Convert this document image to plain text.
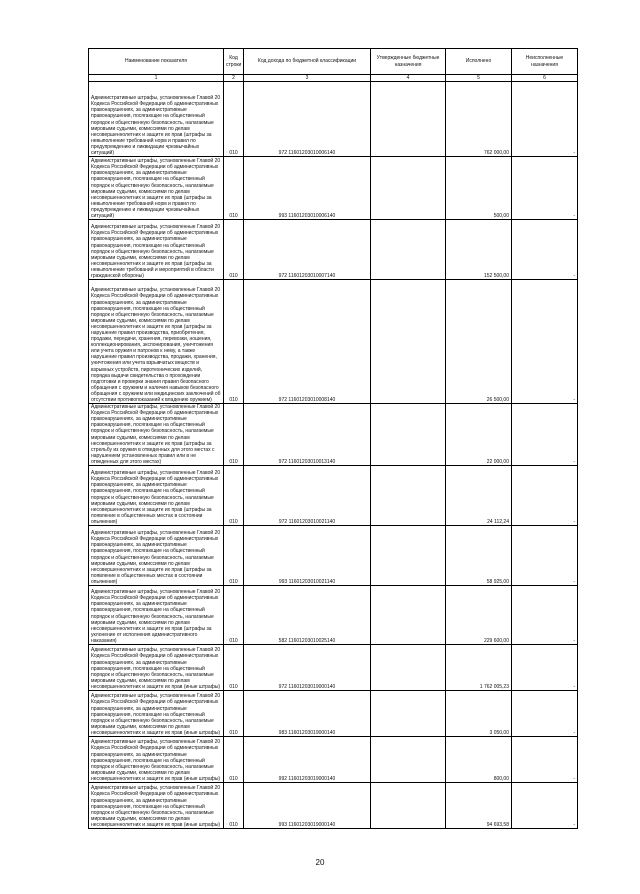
Наименование показателя	Код строки	Код дохода по бюджетной классификации	Утвержденные бюджетные назначения	Исполнено	Неисполненные назначения
1	2	3	4	5	6
Административные штрафы, установленные Главой 20 Кодекса Российской Федерации об административных правонарушениях, за административные правонарушения, посягающие на общественный порядок и общественную безопасность, налагаемые мировыми судьями, комиссиями по делам несовершеннолетних и защите их прав (штрафы за невыполнение требований норм и правил по предупреждению и ликвидации чрезвычайных ситуаций)	010	972 11601203010006140		762 000,00	-
Административные штрафы, установленные Главой 20 Кодекса Российской Федерации об административных правонарушениях, за административные правонарушения, посягающие на общественный порядок и общественную безопасность, налагаемые мировыми судьями, комиссиями по делам несовершеннолетних и защите их прав (штрафы за невыполнение требований норм и правил по предупреждению и ликвидации чрезвычайных ситуаций)	010	993 11601203010006140		500,00	-
Административные штрафы, установленные Главой 20 Кодекса Российской Федерации об административных правонарушениях, за административные правонарушения, посягающие на общественный порядок и общественную безопасность, налагаемые мировыми судьями, комиссиями по делам несовершеннолетних и защите их прав (штрафы за невыполнение требований и мероприятий в области гражданской обороны)	010	972 11601203010007140		152 500,00	-
Административные штрафы, установленные Главой 20 Кодекса Российской Федерации об административных правонарушениях, за административные правонарушения, посягающие на общественный порядок и общественную безопасность, налагаемые мировыми судьями, комиссиями по делам несовершеннолетних и защите их прав (штрафы за нарушение правил производства, приобретения, продажи, передачи, хранения, перевозки, ношения, коллекционирования, экспонирования, уничтожения или учета оружия и патронов к нему, а также нарушение правил производства, продажи, хранения, уничтожения или учета взрывчатых веществ и взрывных устройств, пиротехнических изделий, порядка выдачи свидетельства о прохождении подготовки и проверки знания правил безопасного обращения с оружием и наличия навыков безопасного обращения с оружием или медицинских заключений об отсутствии противопоказаний к владению оружием)	010	972 11601203010008140		26 500,00	-
Административные штрафы, установленные Главой 20 Кодекса Российской Федерации об административных правонарушениях, за административные правонарушения, посягающие на общественный порядок и общественную безопасность, налагаемые мировыми судьями, комиссиями по делам несовершеннолетних и защите их прав (штрафы за стрельбу из оружия в отведенных для этого местах с нарушением установленных правил или в не отведенных для этого местах)	010	972 11601203010013140		22 000,00	-
Административные штрафы, установленные Главой 20 Кодекса Российской Федерации об административных правонарушениях, за административные правонарушения, посягающие на общественный порядок и общественную безопасность, налагаемые мировыми судьями, комиссиями по делам несовершеннолетних и защите их прав (штрафы за появление в общественных местах в состоянии опьянения)	010	972 11601203010021140		24 112,24	-
Административные штрафы, установленные Главой 20 Кодекса Российской Федерации об административных правонарушениях, за административные правонарушения, посягающие на общественный порядок и общественную безопасность, налагаемые мировыми судьями, комиссиями по делам несовершеннолетних и защите их прав (штрафы за появление в общественных местах в состоянии опьянения)	010	993 11601203010021140		58 925,00	-
Административные штрафы, установленные Главой 20 Кодекса Российской Федерации об административных правонарушениях, за административные правонарушения, посягающие на общественный порядок и общественную безопасность, налагаемые мировыми судьями, комиссиями по делам несовершеннолетних и защите их прав (штрафы за уклонение от исполнения административного наказания)	010	582 11601203010025140		229 600,00	-
Административные штрафы, установленные Главой 20 Кодекса Российской Федерации об административных правонарушениях, за административные правонарушения, посягающие на общественный порядок и общественную безопасность, налагаемые мировыми судьями, комиссиями по делам несовершеннолетних и защите их прав (иные штрафы)	010	972 11601203019000140		1 762 005,23	-
Административные штрафы, установленные Главой 20 Кодекса Российской Федерации об административных правонарушениях, за административные правонарушения, посягающие на общественный порядок и общественную безопасность, налагаемые мировыми судьями, комиссиями по делам несовершеннолетних и защите их прав (иные штрафы)	010	983 11601203019000140		3 050,00	-
Административные штрафы, установленные Главой 20 Кодекса Российской Федерации об административных правонарушениях, за административные правонарушения, посягающие на общественный порядок и общественную безопасность, налагаемые мировыми судьями, комиссиями по делам несовершеннолетних и защите их прав (иные штрафы)	010	992 11601203019000140		800,00	-
Административные штрафы, установленные Главой 20 Кодекса Российской Федерации об административных правонарушениях, за административные правонарушения, посягающие на общественный порядок и общественную безопасность, налагаемые мировыми судьями, комиссиями по делам несовершеннолетних и защите их прав (иные штрафы)	010	993 11601203019000140		94 693,58	-
20
